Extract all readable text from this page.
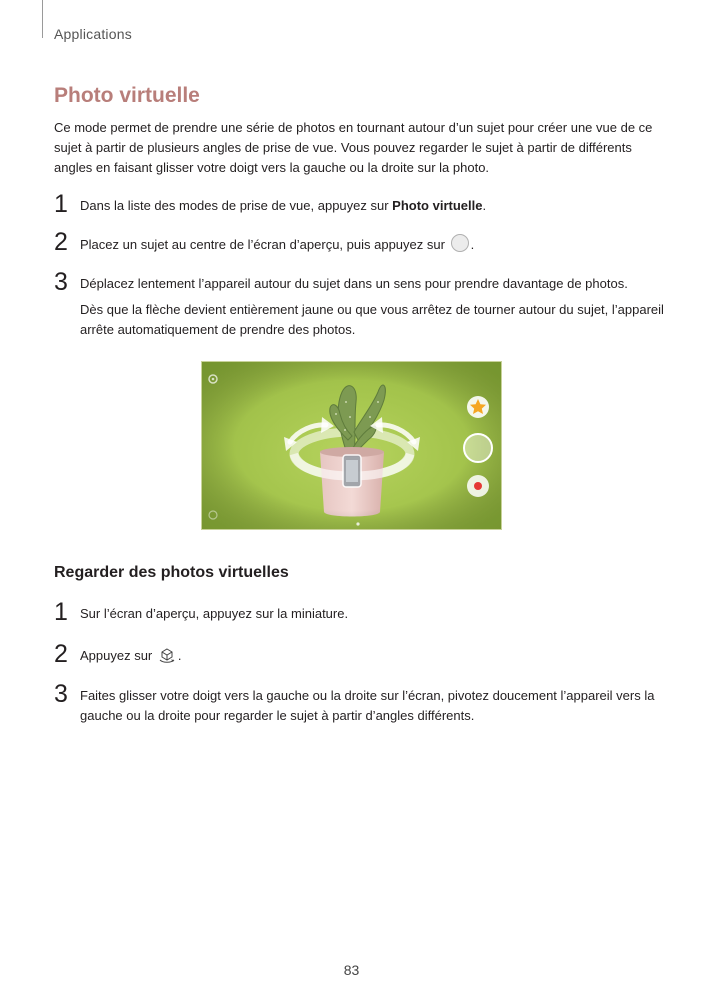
Applications
Photo virtuelle
Ce mode permet de prendre une série de photos en tournant autour d’un sujet pour créer une vue de ce sujet à partir de plusieurs angles de prise de vue. Vous pouvez regarder le sujet à partir de différents angles en faisant glisser votre doigt vers la gauche ou la droite sur la photo.
1 Dans la liste des modes de prise de vue, appuyez sur Photo virtuelle.
2 Placez un sujet au centre de l’écran d’aperçu, puis appuyez sur .
3 Déplacez lentement l’appareil autour du sujet dans un sens pour prendre davantage de photos.
Dès que la flèche devient entièrement jaune ou que vous arrêtez de tourner autour du sujet, l’appareil arrête automatiquement de prendre des photos.
Regarder des photos virtuelles
1 Sur l’écran d’aperçu, appuyez sur la miniature.
2 Appuyez sur .
3 Faites glisser votre doigt vers la gauche ou la droite sur l’écran, pivotez doucement l’appareil vers la gauche ou la droite pour regarder le sujet à partir d’angles différents.
83
